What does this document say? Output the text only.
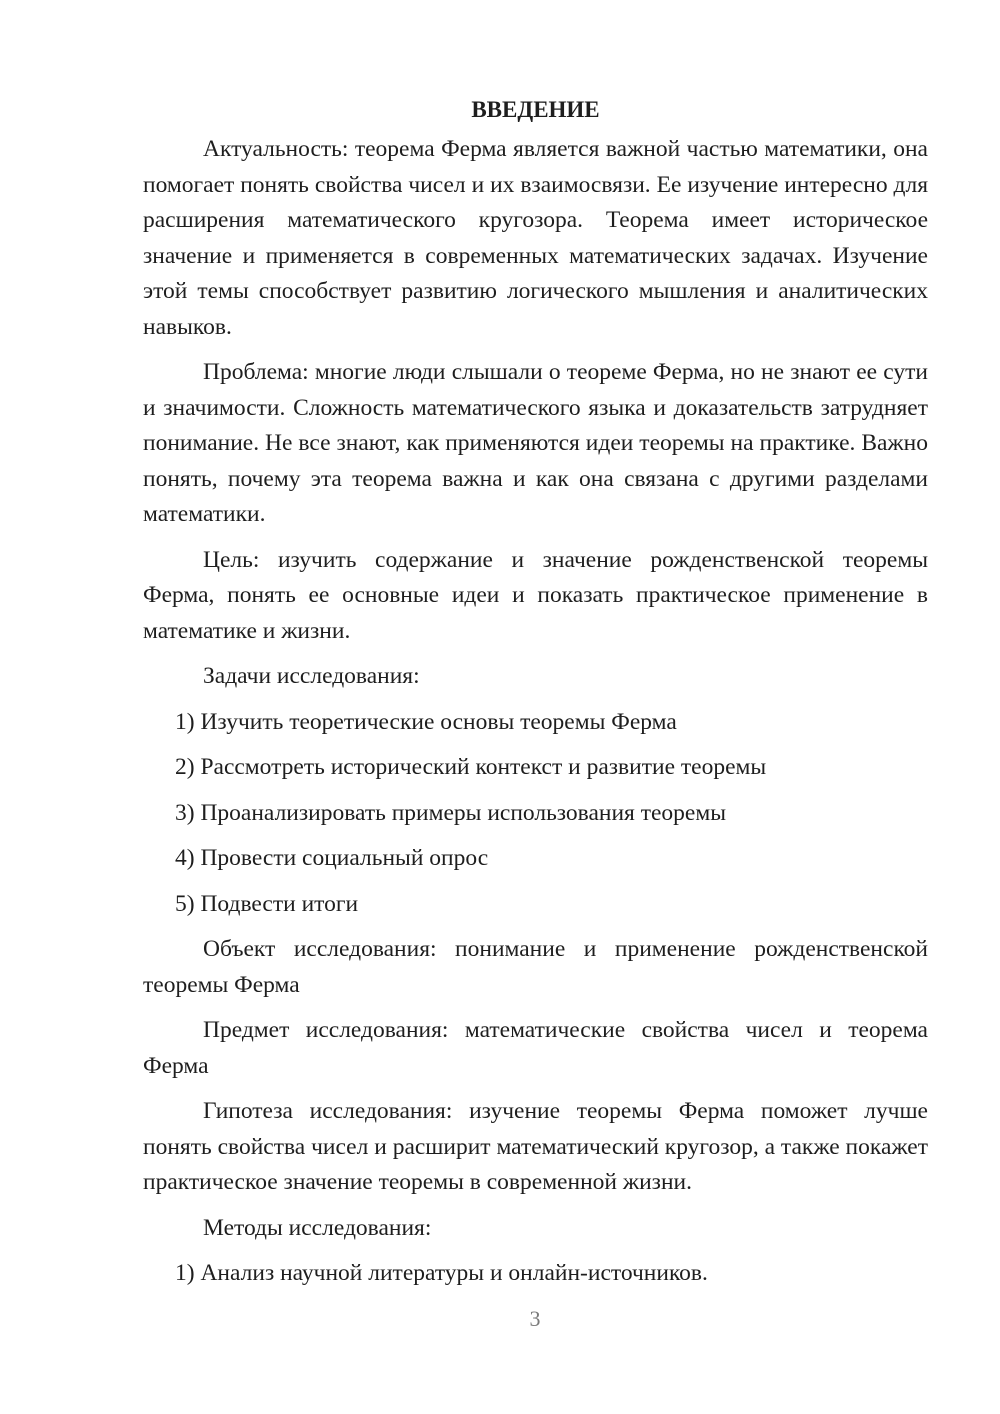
ВВЕДЕНИЕ

Актуальность: теорема Ферма является важной частью математики, она помогает понять свойства чисел и их взаимосвязи. Ее изучение интересно для расширения математического кругозора. Теорема имеет историческое значение и применяется в современных математических задачах. Изучение этой темы способствует развитию логического мышления и аналитических навыков.

Проблема: многие люди слышали о теореме Ферма, но не знают ее сути и значимости. Сложность математического языка и доказательств затрудняет понимание. Не все знают, как применяются идеи теоремы на практике. Важно понять, почему эта теорема важна и как она связана с другими разделами математики.

Цель: изучить содержание и значение рожденственской теоремы Ферма, понять ее основные идеи и показать практическое применение в математике и жизни.

Задачи исследования:
1) Изучить теоретические основы теоремы Ферма
2) Рассмотреть исторический контекст и развитие теоремы
3) Проанализировать примеры использования теоремы
4) Провести социальный опрос
5) Подвести итоги

Объект исследования: понимание и применение рожденственской теоремы Ферма

Предмет исследования: математические свойства чисел и теорема Ферма

Гипотеза исследования: изучение теоремы Ферма поможет лучше понять свойства чисел и расширит математический кругозор, а также покажет практическое значение теоремы в современной жизни.

Методы исследования:
1) Анализ научной литературы и онлайн-источников.
3
